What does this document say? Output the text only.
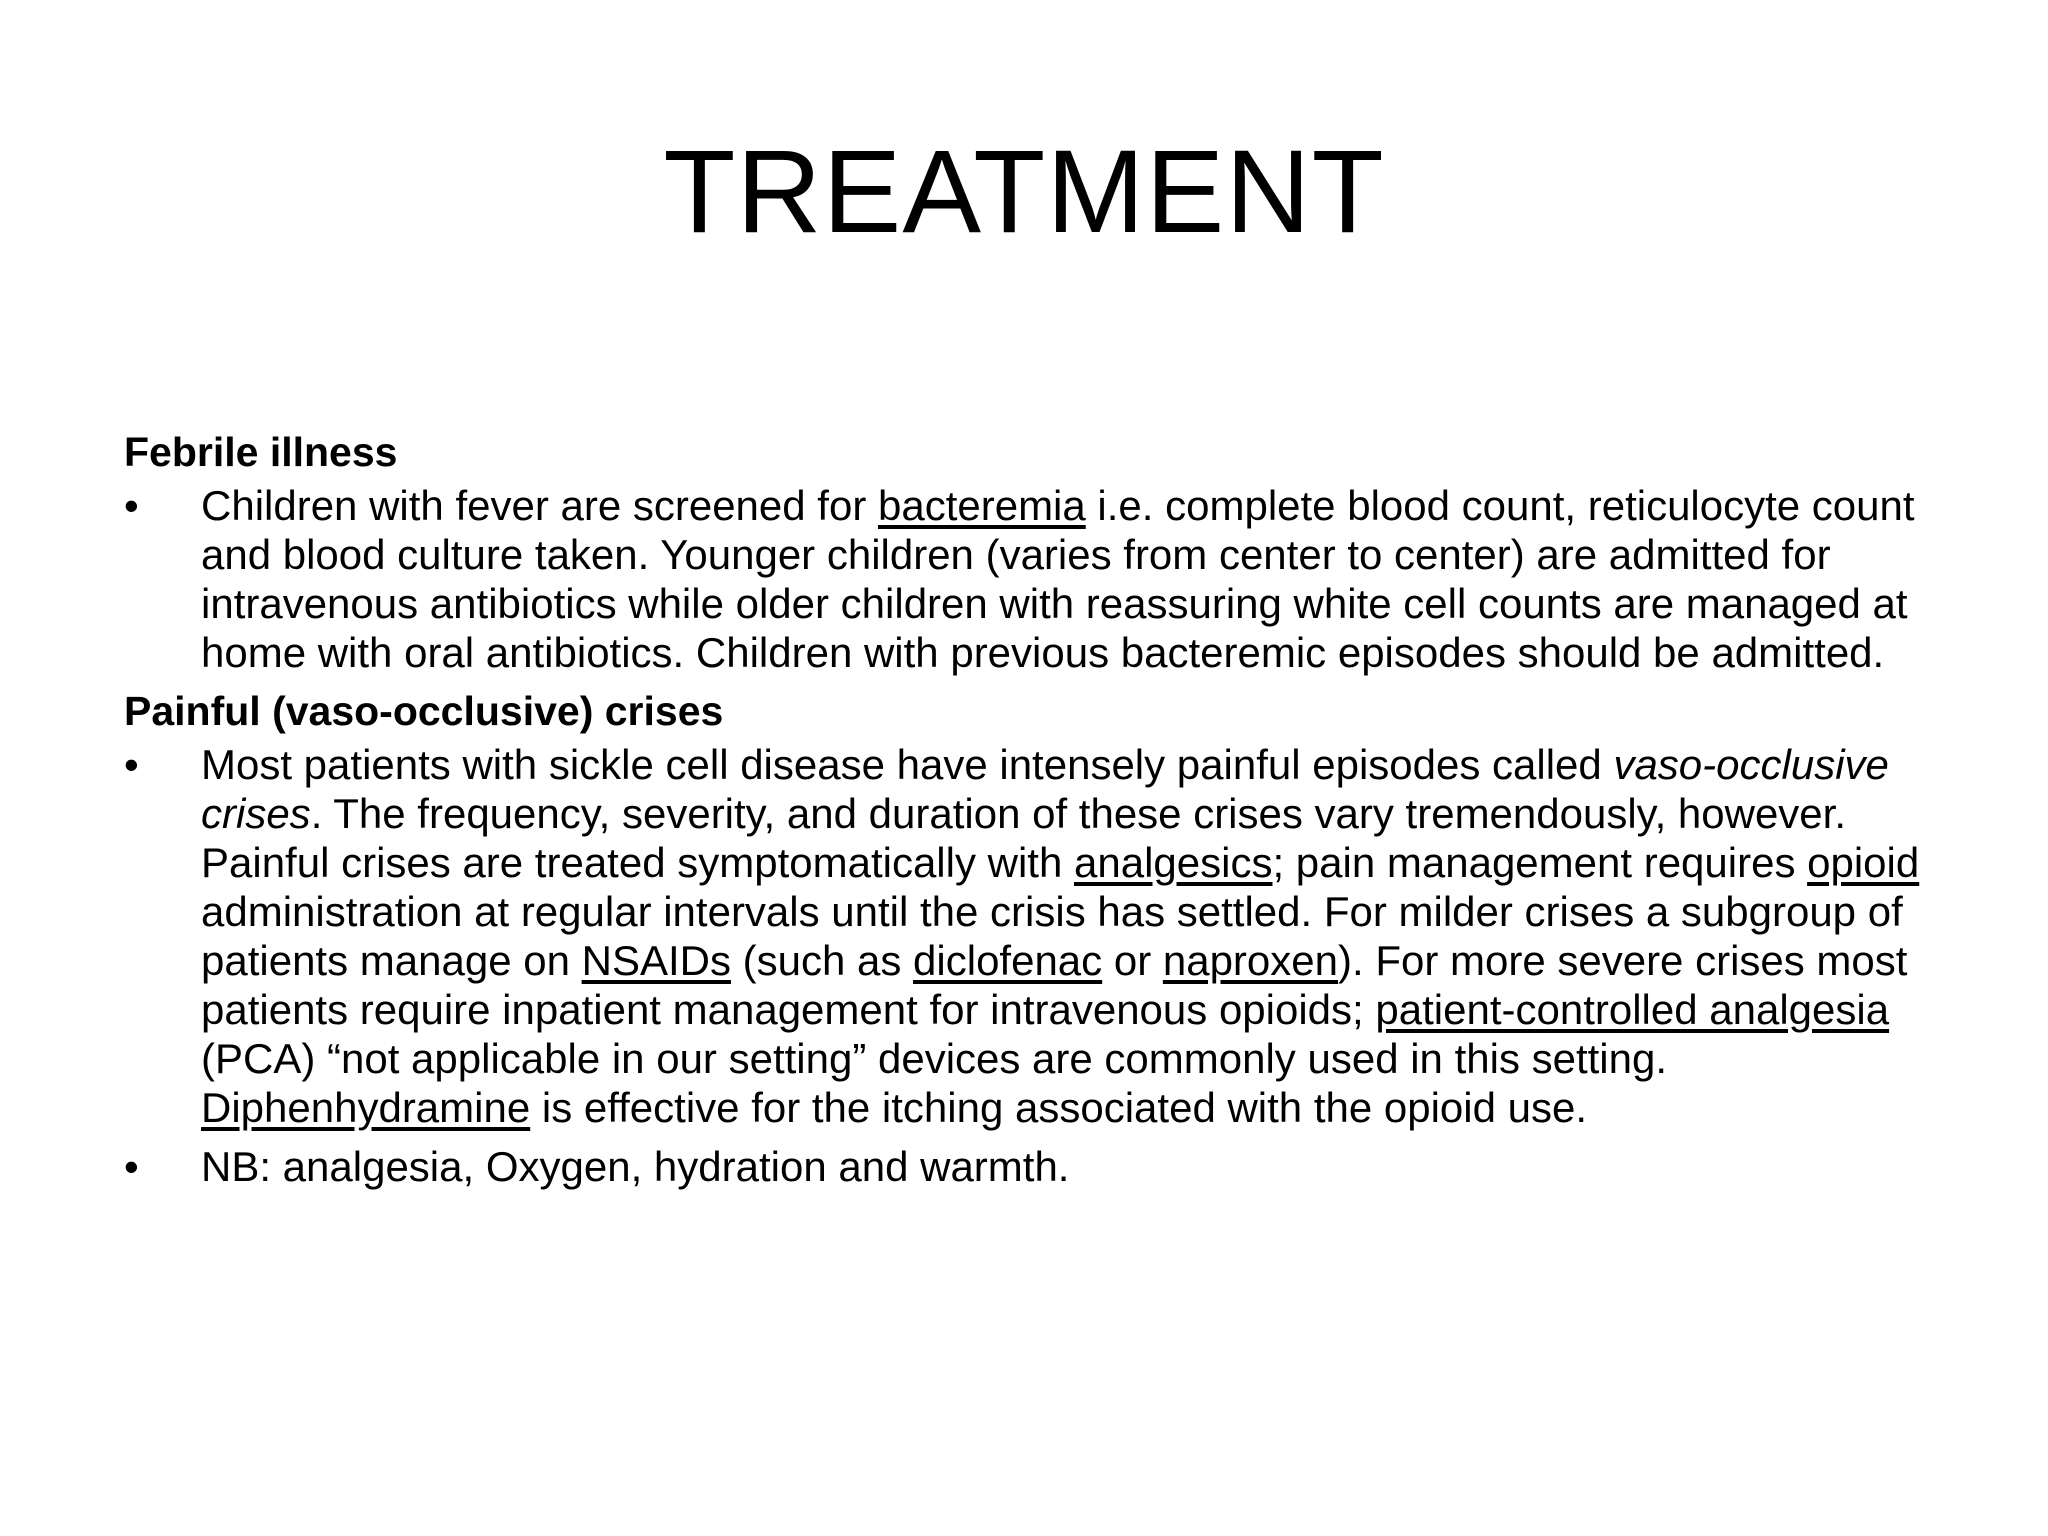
TREATMENT
Febrile illness
•	Children with fever are screened for bacteremia i.e. complete blood count, reticulocyte count and blood culture taken. Younger children (varies from center to center) are admitted for intravenous antibiotics while older children with reassuring white cell counts are managed at home with oral antibiotics. Children with previous bacteremic episodes should be admitted.
Painful (vaso-occlusive) crises
•	Most patients with sickle cell disease have intensely painful episodes called vaso-occlusive crises. The frequency, severity, and duration of these crises vary tremendously, however. Painful crises are treated symptomatically with analgesics; pain management requires opioid administration at regular intervals until the crisis has settled. For milder crises a subgroup of patients manage on NSAIDs (such as diclofenac or naproxen). For more severe crises most patients require inpatient management for intravenous opioids; patient-controlled analgesia (PCA) “not applicable in our setting” devices are commonly used in this setting. Diphenhydramine is effective for the itching associated with the opioid use.
•	NB: analgesia, Oxygen, hydration and warmth.
